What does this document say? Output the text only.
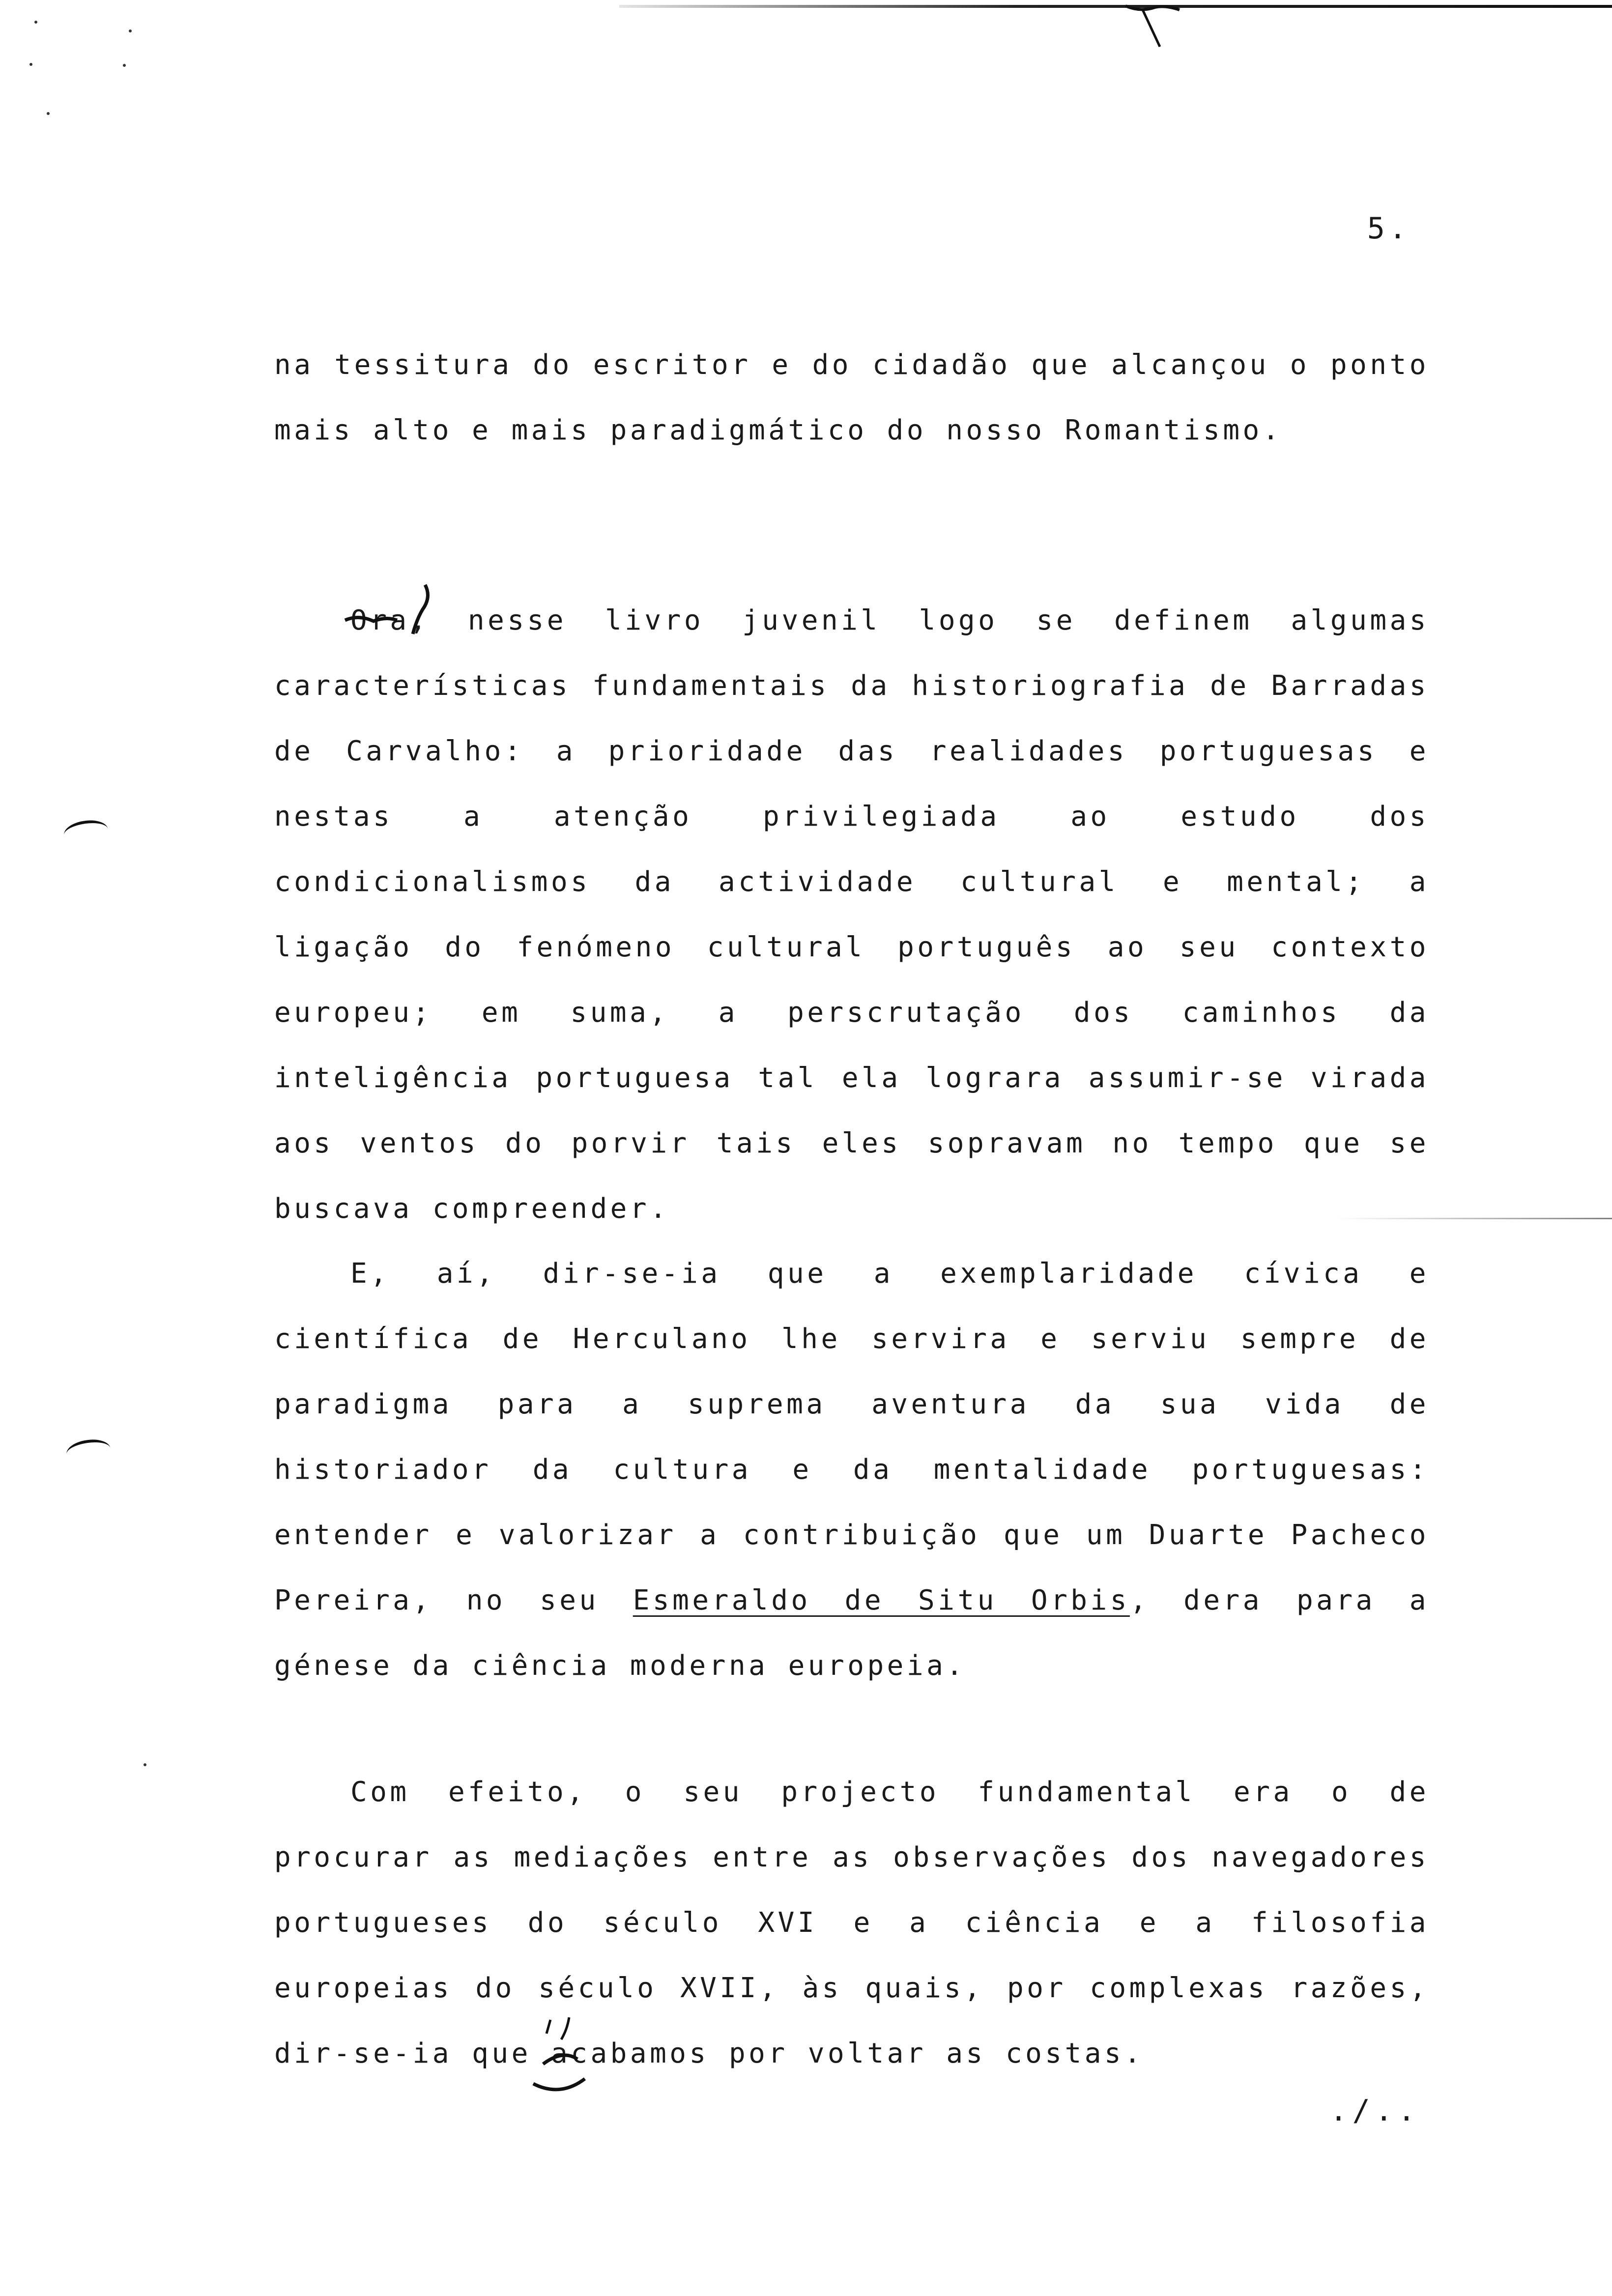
5.

na tessitura do escritor e do cidadão que alcançou o ponto mais alto e mais paradigmático do nosso Romantismo.

Ora, nesse livro juvenil logo se definem algumas características fundamentais da historiografia de Barradas de Carvalho: a prioridade das realidades portuguesas e nestas a atenção privilegiada ao estudo dos condicionalismos da actividade cultural e mental; a ligação do fenómeno cultural português ao seu contexto europeu; em suma, a perscrutação dos caminhos da inteligência portuguesa tal ela lograra assumir-se virada aos ventos do porvir tais eles sopravam no tempo que se buscava compreender.

E, aí, dir-se-ia que a exemplaridade cívica e científica de Herculano lhe servira e serviu sempre de paradigma para a suprema aventura da sua vida de historiador da cultura e da mentalidade portuguesas: entender e valorizar a contribuição que um Duarte Pacheco Pereira, no seu Esmeraldo de Situ Orbis, dera para a génese da ciência moderna europeia.

Com efeito, o seu projecto fundamental era o de procurar as mediações entre as observações dos navegadores portugueses do século XVI e a ciência e a filosofia europeias do século XVII, às quais, por complexas razões, dir-se-ia que acabamos por voltar as costas.

./..
